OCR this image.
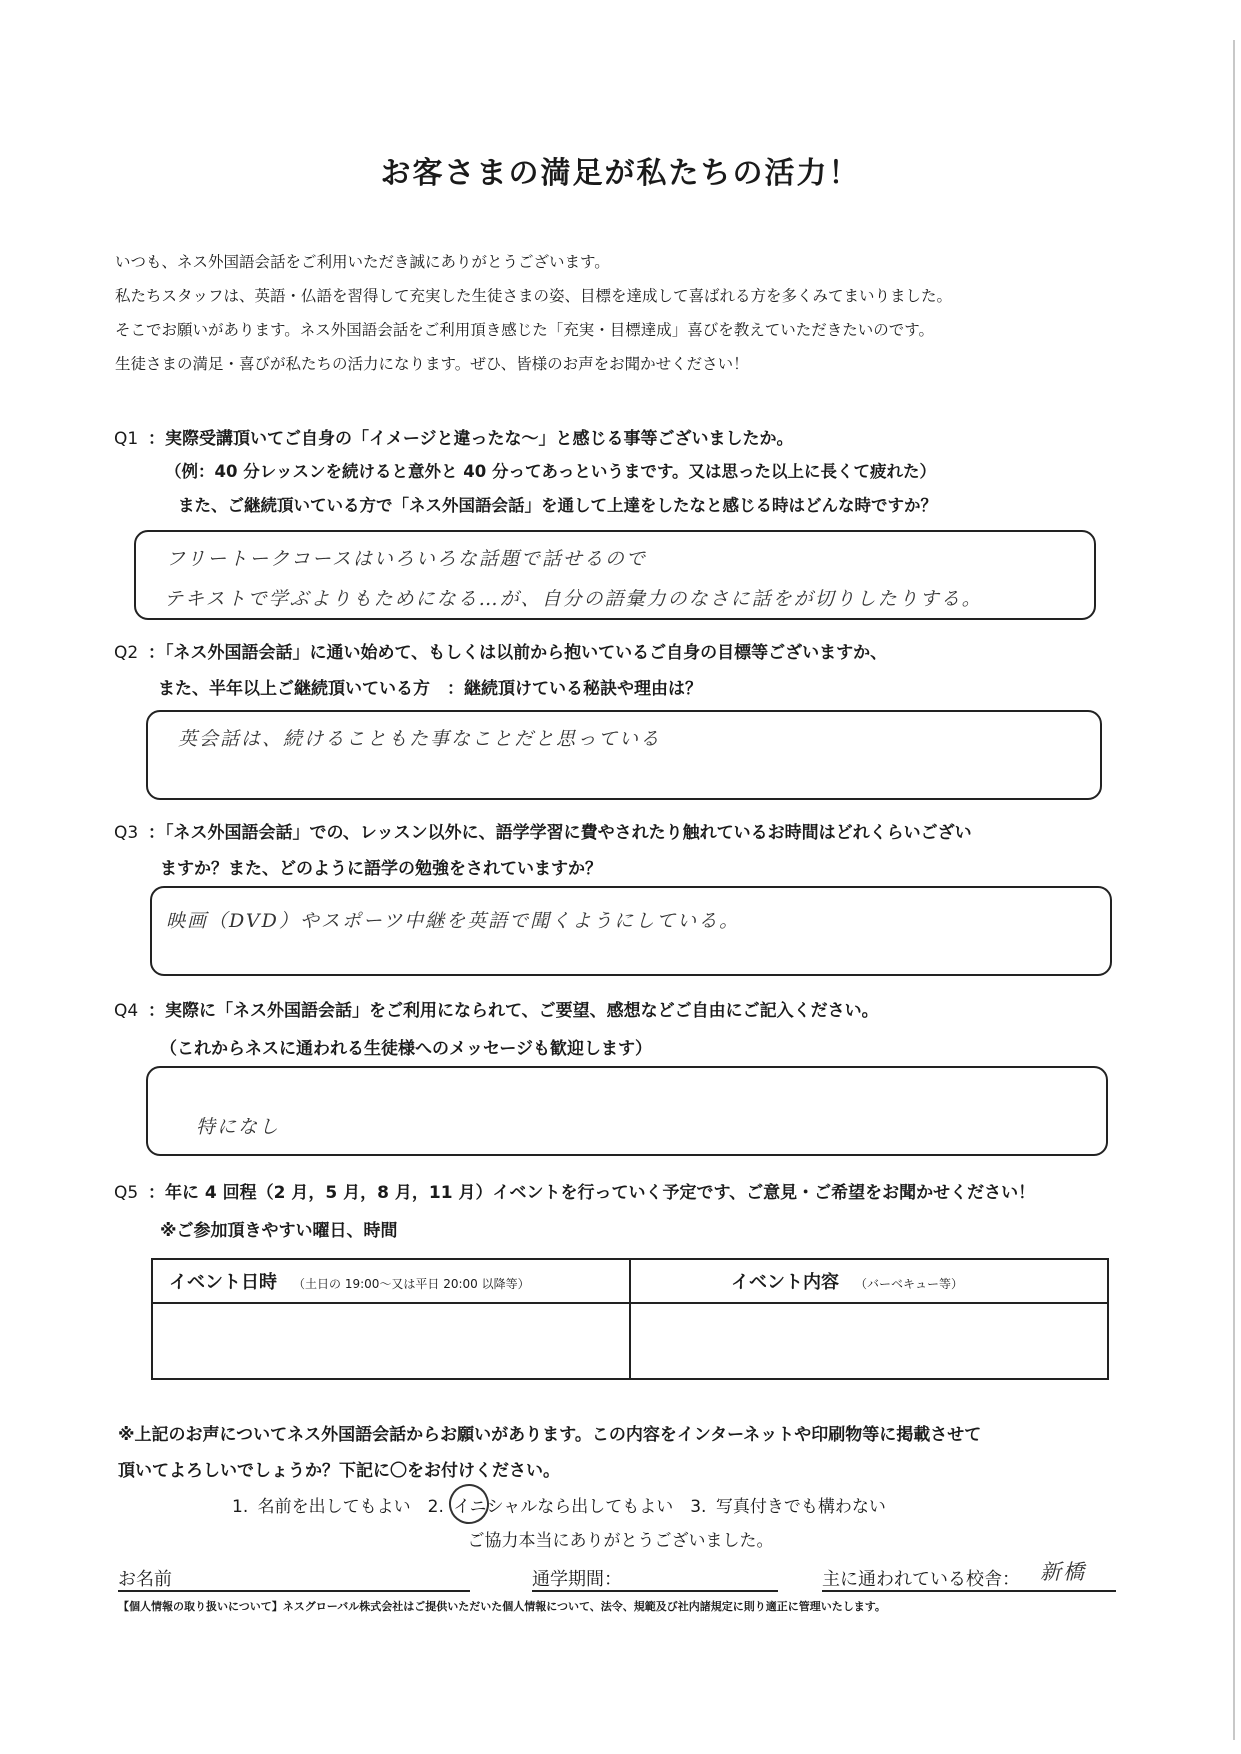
お客さまの満足が私たちの活力！
いつも、ネス外国語会話をご利用いただき誠にありがとうございます。
私たちスタッフは、英語・仏語を習得して充実した生徒さまの姿、目標を達成して喜ばれる方を多くみてまいりました。
そこでお願いがあります。ネス外国語会話をご利用頂き感じた「充実・目標達成」喜びを教えていただきたいのです。
生徒さまの満足・喜びが私たちの活力になります。ぜひ、皆様のお声をお聞かせください！
Q1 ：実際受講頂いてご自身の「イメージと違ったな～」と感じる事等ございましたか。
（例：40 分レッスンを続けると意外と 40 分ってあっというまです。又は思った以上に長くて疲れた）
また、ご継続頂いている方で「ネス外国語会話」を通して上達をしたなと感じる時はどんな時ですか？
フリートークコースはいろいろな話題で話せるので
テキストで学ぶよりもためになる…が、自分の語彙力のなさに話をが切りしたりする。
Q2 ：「ネス外国語会話」に通い始めて、もしくは以前から抱いているご自身の目標等ございますか、
また、半年以上ご継続頂いている方　：継続頂けている秘訣や理由は？
英会話は、続けることもた事なことだと思っている
Q3 ：「ネス外国語会話」での、レッスン以外に、語学学習に費やされたり触れているお時間はどれくらいござい
ますか？また、どのように語学の勉強をされていますか？
映画（DVD）やスポーツ中継を英語で聞くようにしている。
Q4 ：実際に「ネス外国語会話」をご利用になられて、ご要望、感想などご自由にご記入ください。
（これからネスに通われる生徒様へのメッセージも歓迎します）
特になし
Q5 ：年に 4 回程（2 月，5 月，8 月，11 月）イベントを行っていく予定です、ご意見・ご希望をお聞かせください！
※ご参加頂きやすい曜日、時間
イベント日時 （土日の 19:00～又は平日 20:00 以降等）	イベント内容 （バーベキュー等）

※上記のお声についてネス外国語会話からお願いがあります。この内容をインターネットや印刷物等に掲載させて
頂いてよろしいでしょうか？下記に〇をお付けください。
1. 名前を出してもよい　2. イニシャルなら出してもよい　3. 写真付きでも構わない
ご協力本当にありがとうございました。
お名前	通学期間：	主に通われている校舎： 新橋
【個人情報の取り扱いについて】ネスグローバル株式会社はご提供いただいた個人情報について、法令、規範及び社内諸規定に則り適正に管理いたします。
